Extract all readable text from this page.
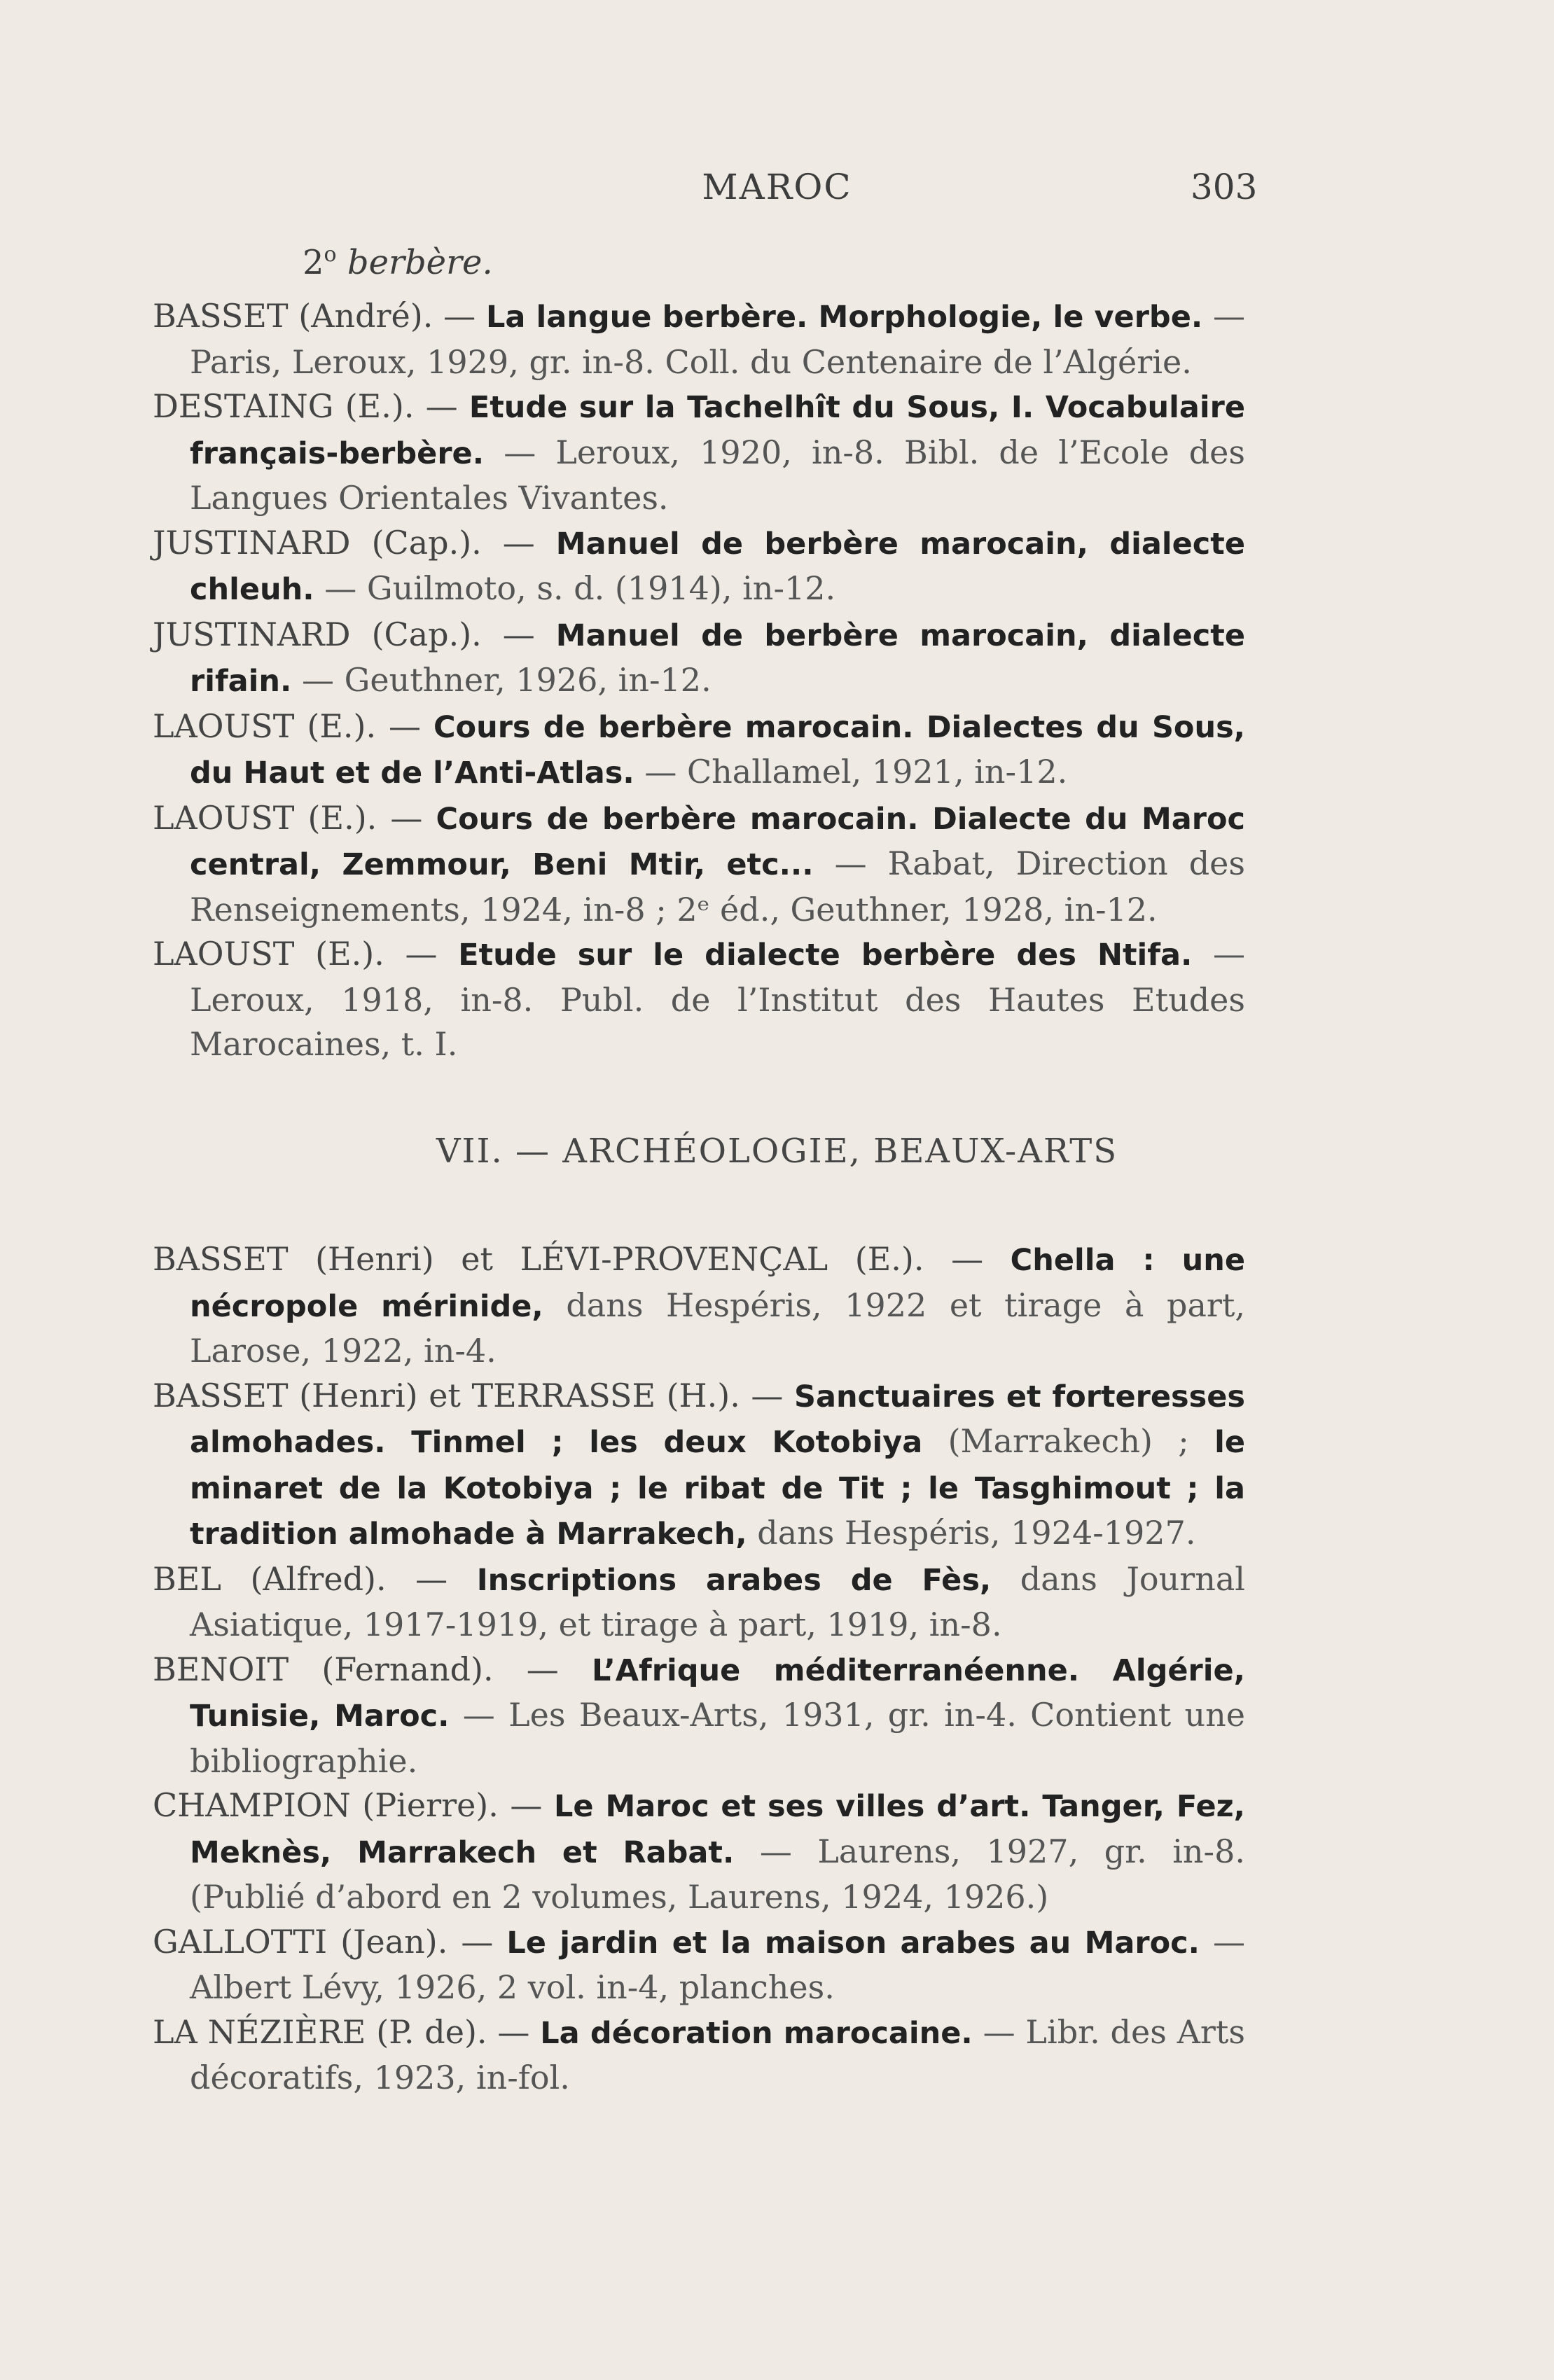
MAROC	303
2$^o$ berbère.

BASSET (André). — La langue berbère. Morphologie, le verbe. — Paris, Leroux, 1929, gr. in-8. Coll. du Centenaire de l’Algérie.

DESTAING (E.). — Etude sur la Tachelhît du Sous, I. Vocabulaire français-berbère. — Leroux, 1920, in-8. Bibl. de l’Ecole des Langues Orientales Vivantes.

JUSTINARD (Cap.). — Manuel de berbère marocain, dialecte chleuh. — Guilmoto, s. d. (1914), in-12.

JUSTINARD (Cap.). — Manuel de berbère marocain, dialecte rifain. — Geuthner, 1926, in-12.

LAOUST (E.). — Cours de berbère marocain. Dialectes du Sous, du Haut et de l’Anti-Atlas. — Challamel, 1921, in-12.

LAOUST (E.). — Cours de berbère marocain. Dialecte du Maroc central, Zemmour, Beni Mtir, etc... — Rabat, Direction des Renseignements, 1924, in-8 ; 2ᵉ éd., Geuthner, 1928, in-12.

LAOUST (E.). — Etude sur le dialecte berbère des Ntifa. — Leroux, 1918, in-8. Publ. de l’Institut des Hautes Etudes Marocaines, t. I.

VII. — ARCHÉOLOGIE, BEAUX-ARTS

BASSET (Henri) et LÉVI-PROVENÇAL (E.). — Chella : une nécropole mérinide, dans Hespéris, 1922 et tirage à part, Larose, 1922, in-4.

BASSET (Henri) et TERRASSE (H.). — Sanctuaires et forteresses almohades. Tinmel ; les deux Kotobiya (Marrakech) ; le minaret de la Kotobiya ; le ribat de Tit ; le Tasghimout ; la tradition almohade à Marrakech, dans Hespéris, 1924-1927.

BEL (Alfred). — Inscriptions arabes de Fès, dans Journal Asiatique, 1917-1919, et tirage à part, 1919, in-8.

BENOIT (Fernand). — L’Afrique méditerranéenne. Algérie, Tunisie, Maroc. — Les Beaux-Arts, 1931, gr. in-4. Contient une bibliographie.

CHAMPION (Pierre). — Le Maroc et ses villes d’art. Tanger, Fez, Meknès, Marrakech et Rabat. — Laurens, 1927, gr. in-8. (Publié d’abord en 2 volumes, Laurens, 1924, 1926.)

GALLOTTI (Jean). — Le jardin et la maison arabes au Maroc. — Albert Lévy, 1926, 2 vol. in-4, planches.

LA NÉZIÈRE (P. de). — La décoration marocaine. — Libr. des Arts décoratifs, 1923, in-fol.
